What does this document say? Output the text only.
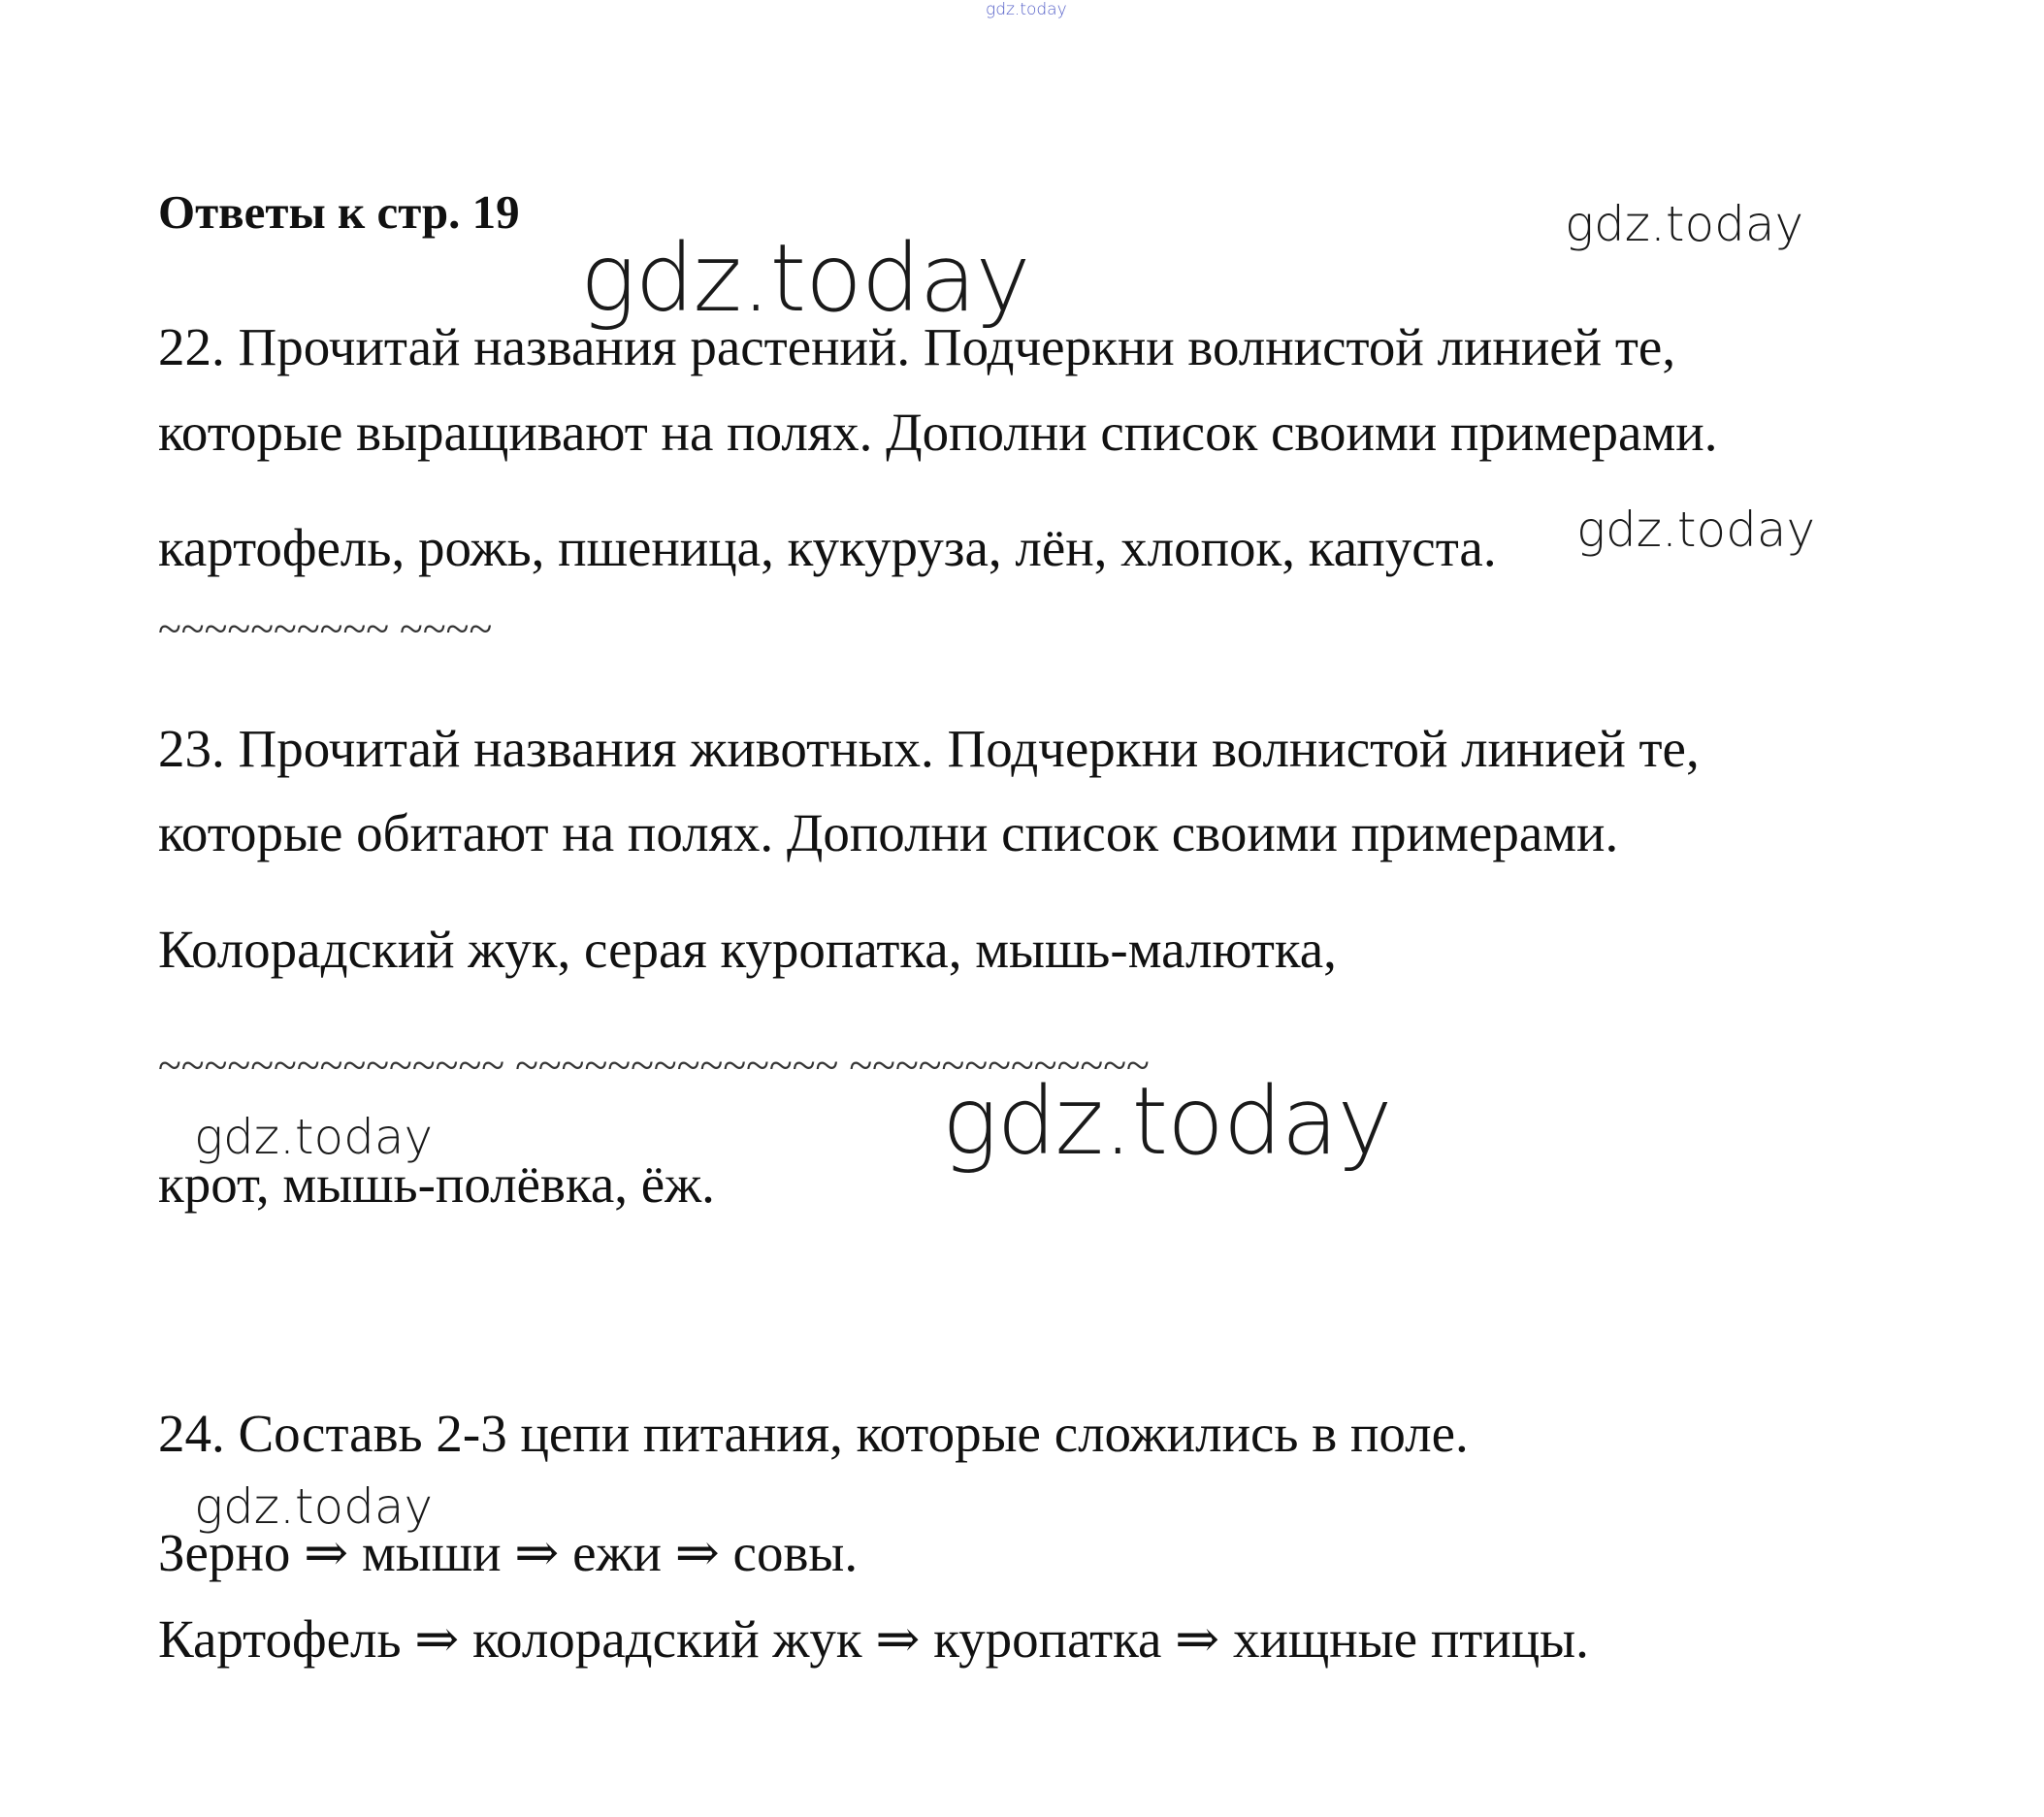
gdz.today
gdz.today
gdz.today
gdz.today
gdz.today
gdz.today
gdz.today
Ответы к стр. 19
22. Прочитай названия растений. Подчеркни волнистой линией те,
которые выращивают на полях. Дополни список своими примерами.
картофель, рожь, пшеница, кукуруза, лён, хлопок, капуста.
~~~~~~~~~~ ~~~~
23. Прочитай названия животных. Подчеркни волнистой линией те,
которые обитают на полях. Дополни список своими примерами.
Колорадский жук, серая куропатка, мышь-малютка,
~~~~~~~~~~~~~~~ ~~~~~~~~~~~~~~ ~~~~~~~~~~~~~
крот, мышь-полёвка, ёж.
24. Составь 2-3 цепи питания, которые сложились в поле.
Зерно ⇒ мыши ⇒ ежи ⇒ совы.
Картофель ⇒ колорадский жук ⇒ куропатка ⇒ хищные птицы.
